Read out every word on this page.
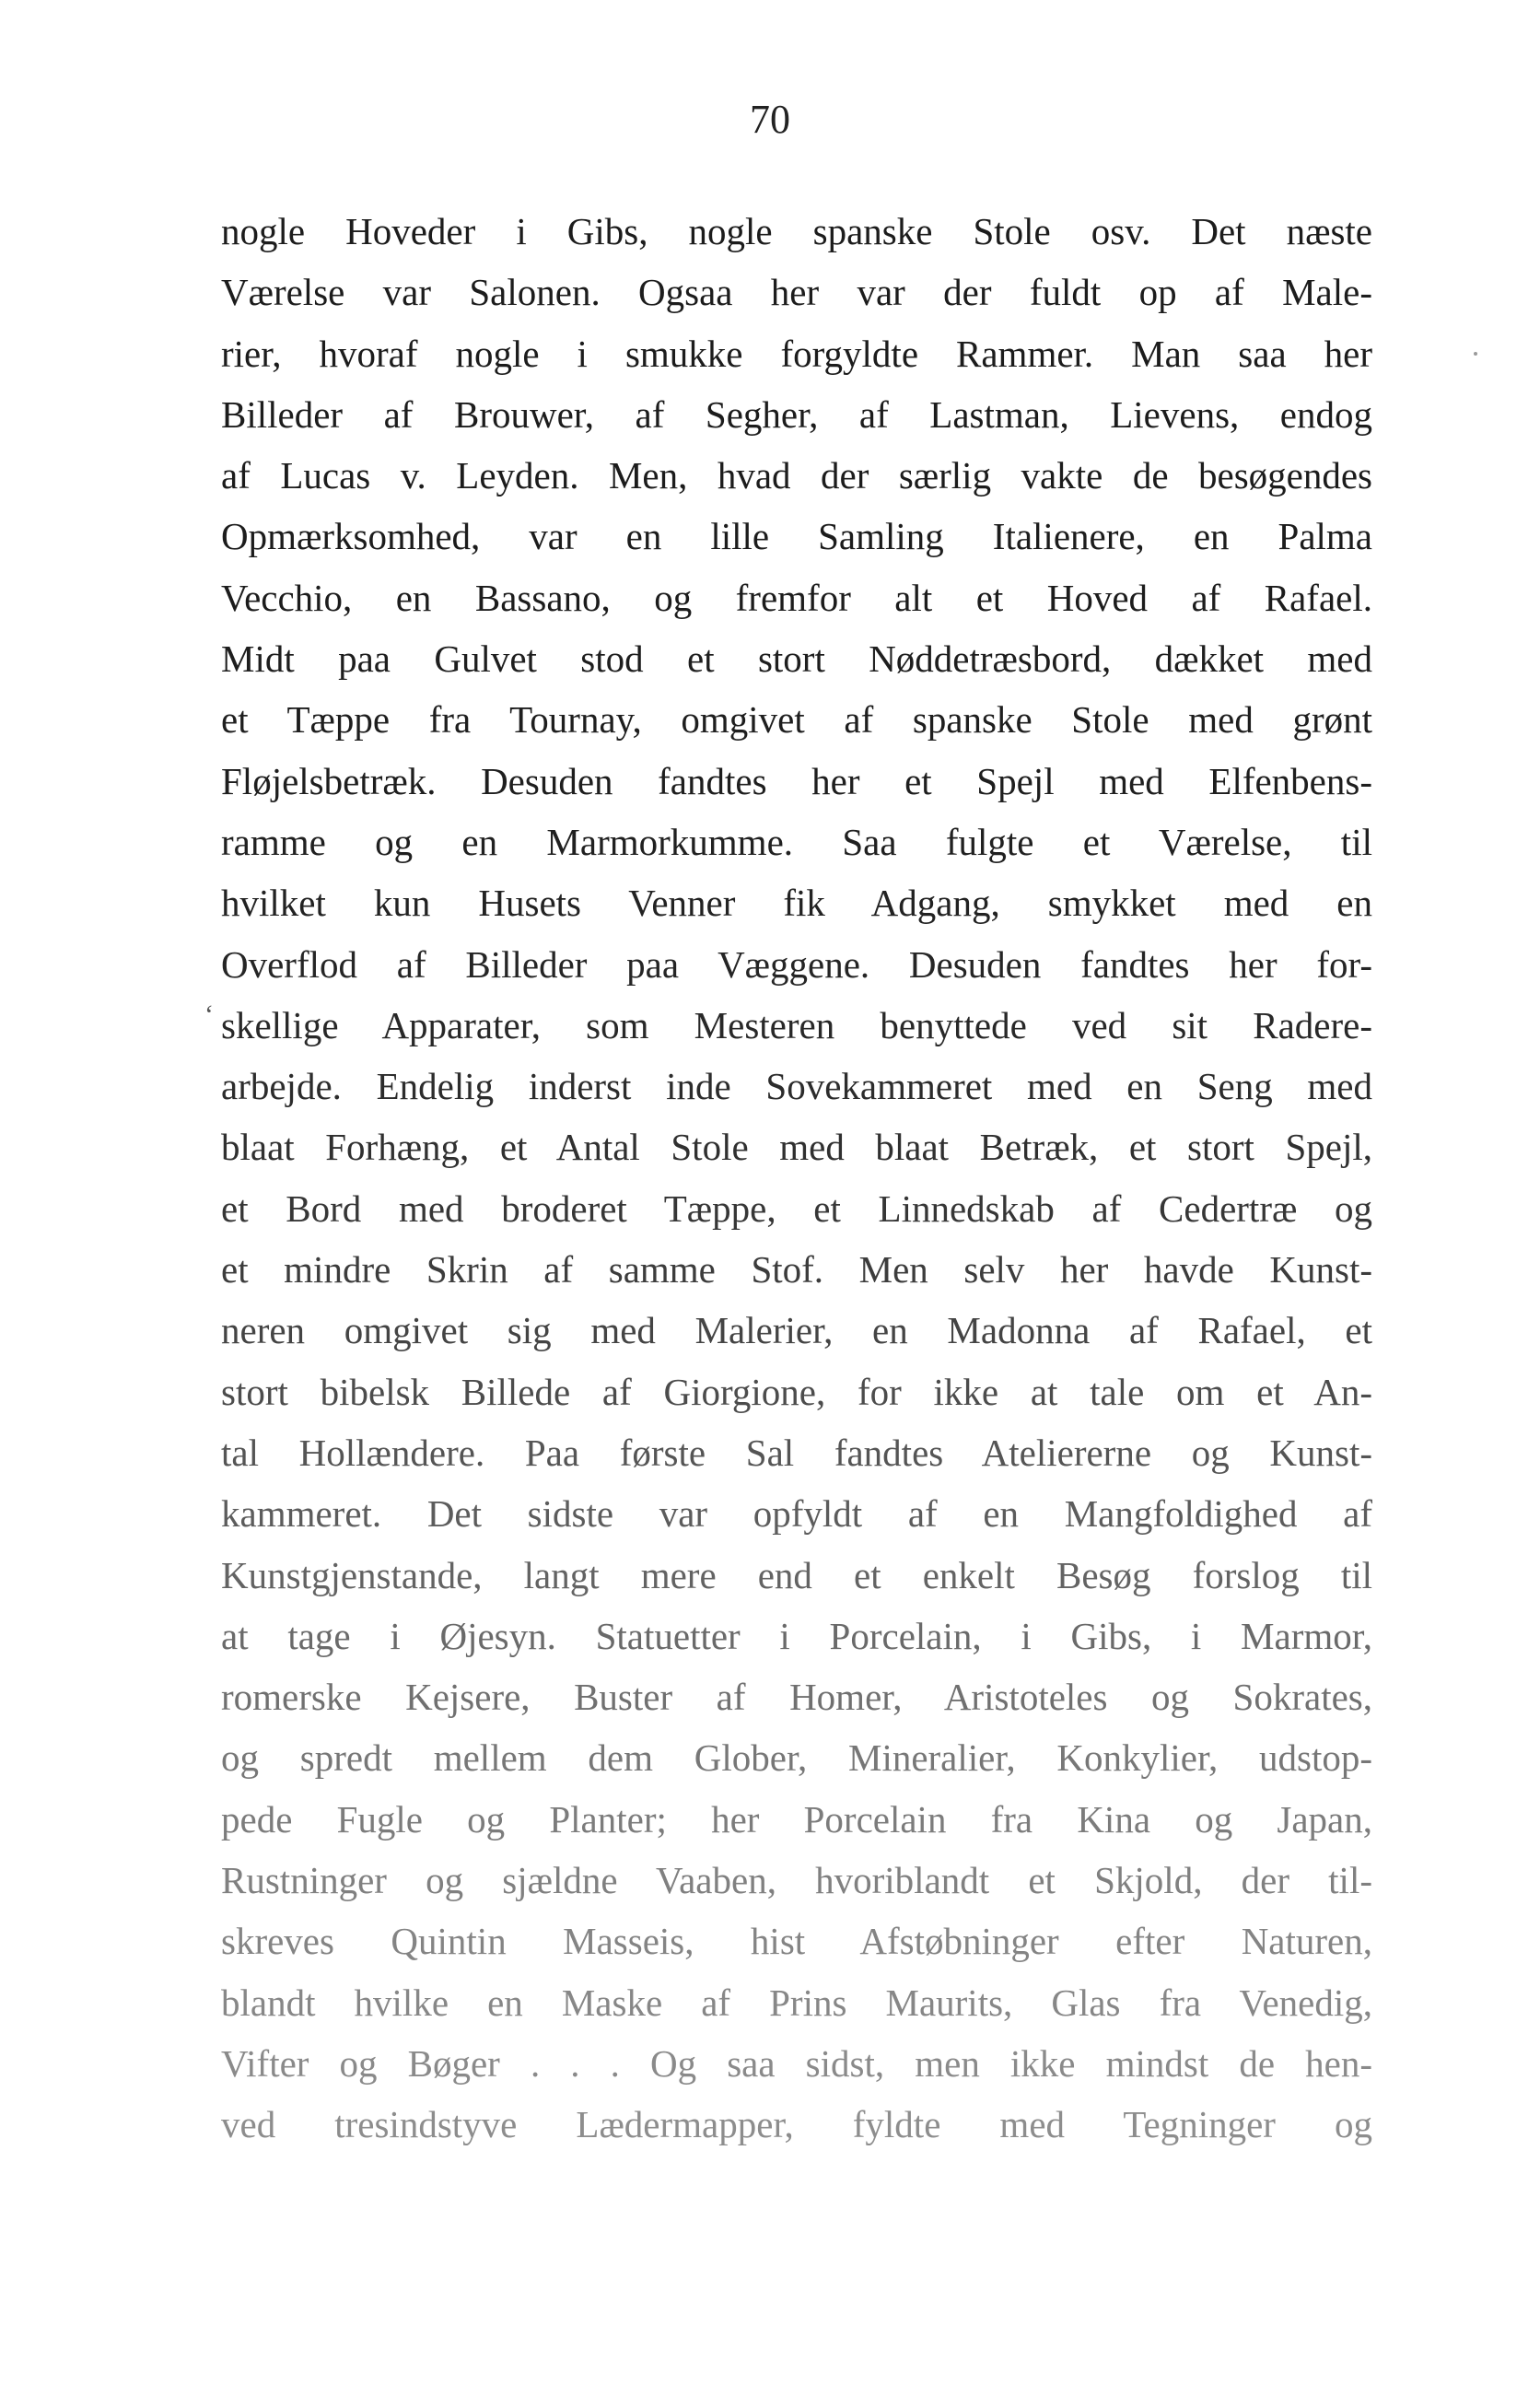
70
‘
nogle Hoveder i Gibs, nogle spanske Stole osv. Det næste
Værelse var Salonen. Ogsaa her var der fuldt op af Male-
rier, hvoraf nogle i smukke forgyldte Rammer. Man saa her
Billeder af Brouwer, af Segher, af Lastman, Lievens, endog
af Lucas v. Leyden. Men, hvad der særlig vakte de besøgendes
Opmærksomhed, var en lille Samling Italienere, en Palma
Vecchio, en Bassano, og fremfor alt et Hoved af Rafael.
Midt paa Gulvet stod et stort Nøddetræsbord, dækket med
et Tæppe fra Tournay, omgivet af spanske Stole med grønt
Fløjelsbetræk. Desuden fandtes her et Spejl med Elfenbens-
ramme og en Marmorkumme. Saa fulgte et Værelse, til
hvilket kun Husets Venner fik Adgang, smykket med en
Overflod af Billeder paa Væggene. Desuden fandtes her for-
skellige Apparater, som Mesteren benyttede ved sit Radere-
arbejde. Endelig inderst inde Sovekammeret med en Seng med
blaat Forhæng, et Antal Stole med blaat Betræk, et stort Spejl,
et Bord med broderet Tæppe, et Linnedskab af Cedertræ og
et mindre Skrin af samme Stof. Men selv her havde Kunst-
neren omgivet sig med Malerier, en Madonna af Rafael, et
stort bibelsk Billede af Giorgione, for ikke at tale om et An-
tal Hollændere. Paa første Sal fandtes Ateliererne og Kunst-
kammeret. Det sidste var opfyldt af en Mangfoldighed af
Kunstgjenstande, langt mere end et enkelt Besøg forslog til
at tage i Øjesyn. Statuetter i Porcelain, i Gibs, i Marmor,
romerske Kejsere, Buster af Homer, Aristoteles og Sokrates,
og spredt mellem dem Glober, Mineralier, Konkylier, udstop-
pede Fugle og Planter; her Porcelain fra Kina og Japan,
Rustninger og sjældne Vaaben, hvoriblandt et Skjold, der til-
skreves Quintin Masseis, hist Afstøbninger efter Naturen,
blandt hvilke en Maske af Prins Maurits, Glas fra Venedig,
Vifter og Bøger . . . Og saa sidst, men ikke mindst de hen-
ved tresindstyve Lædermapper, fyldte med Tegninger og
